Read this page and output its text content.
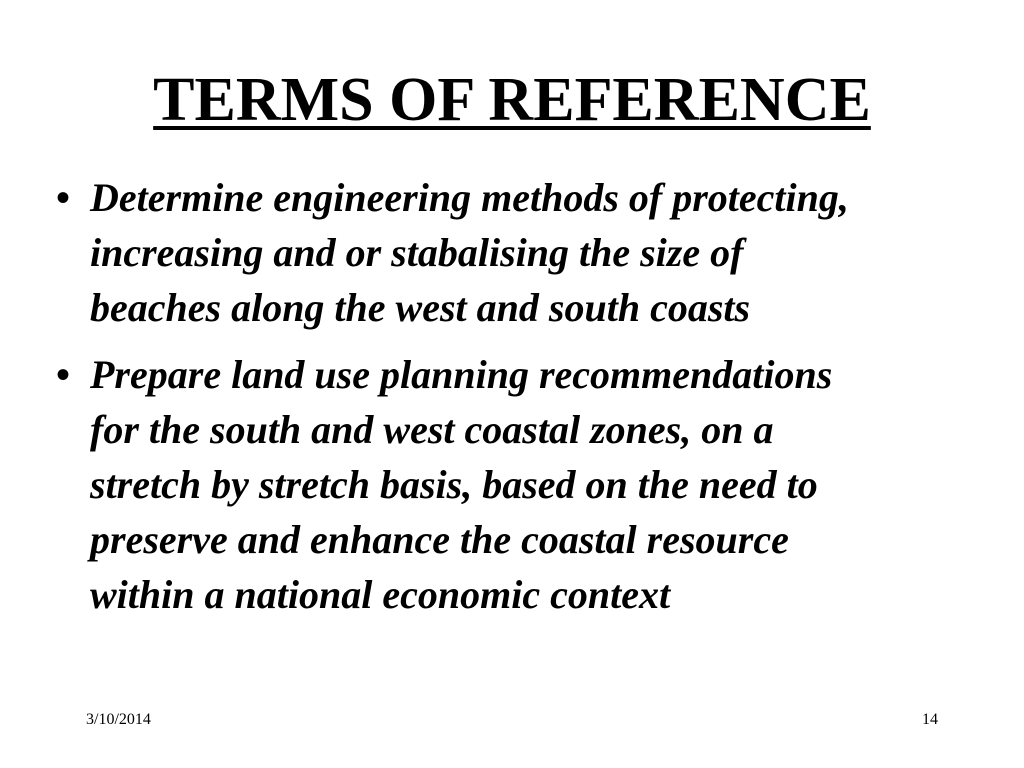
TERMS OF REFERENCE
• Determine engineering methods of protecting,
increasing and or stabalising the size of
beaches along the west and south coasts
• Prepare land use planning recommendations
for the south and west coastal zones, on a
stretch by stretch basis, based on the need to
preserve and enhance the coastal resource
within a national economic context
3/10/2014	14
